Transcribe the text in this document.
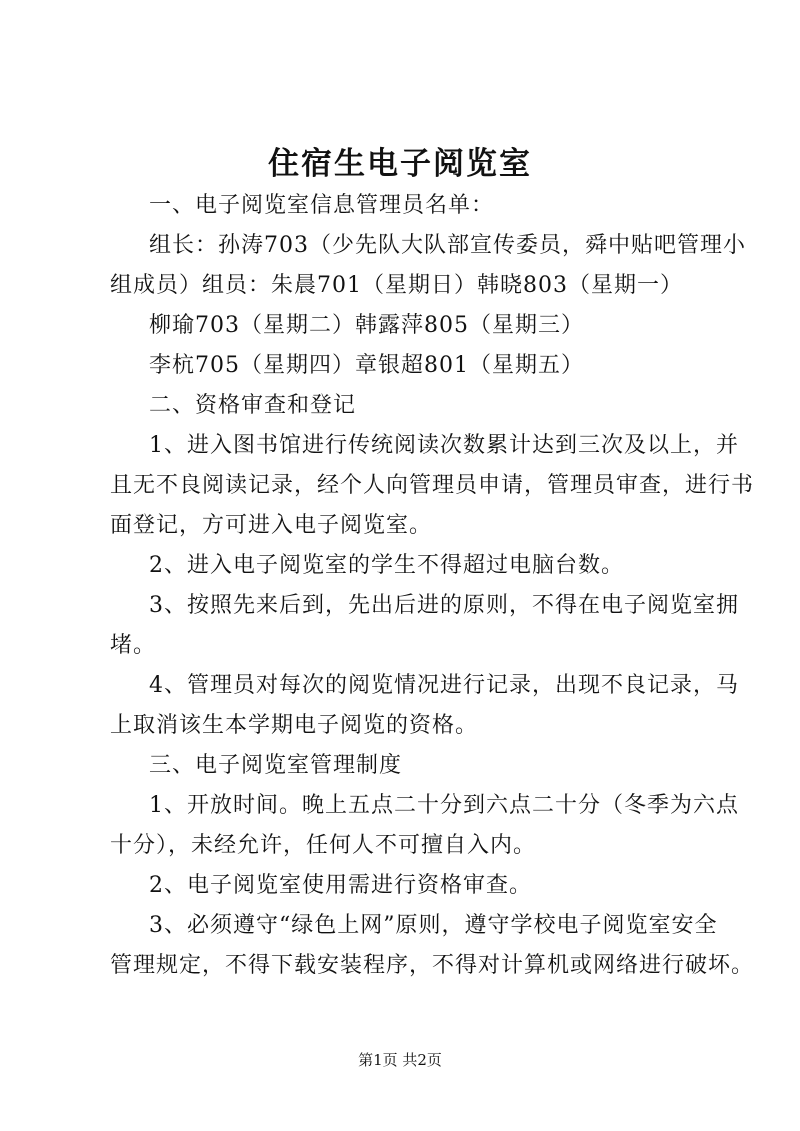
住宿生电子阅览室

一、电子阅览室信息管理员名单：

组长：孙涛703（少先队大队部宣传委员，舜中贴吧管理小

组成员）组员：朱晨701（星期日）韩晓803（星期一）

柳瑜703（星期二）韩露萍805（星期三）

李杭705（星期四）章银超801（星期五）

二、资格审查和登记

1、进入图书馆进行传统阅读次数累计达到三次及以上，并

且无不良阅读记录，经个人向管理员申请，管理员审查，进行书

面登记，方可进入电子阅览室。

2、进入电子阅览室的学生不得超过电脑台数。

3、按照先来后到，先出后进的原则，不得在电子阅览室拥

堵。

4、管理员对每次的阅览情况进行记录，出现不良记录，马

上取消该生本学期电子阅览的资格。

三、电子阅览室管理制度

1、开放时间。晚上五点二十分到六点二十分（冬季为六点

十分），未经允许，任何人不可擅自入内。

2、电子阅览室使用需进行资格审查。

3、必须遵守“绿色上网”原则，遵守学校电子阅览室安全

管理规定，不得下载安装程序，不得对计算机或网络进行破坏。

第1页 共2页
